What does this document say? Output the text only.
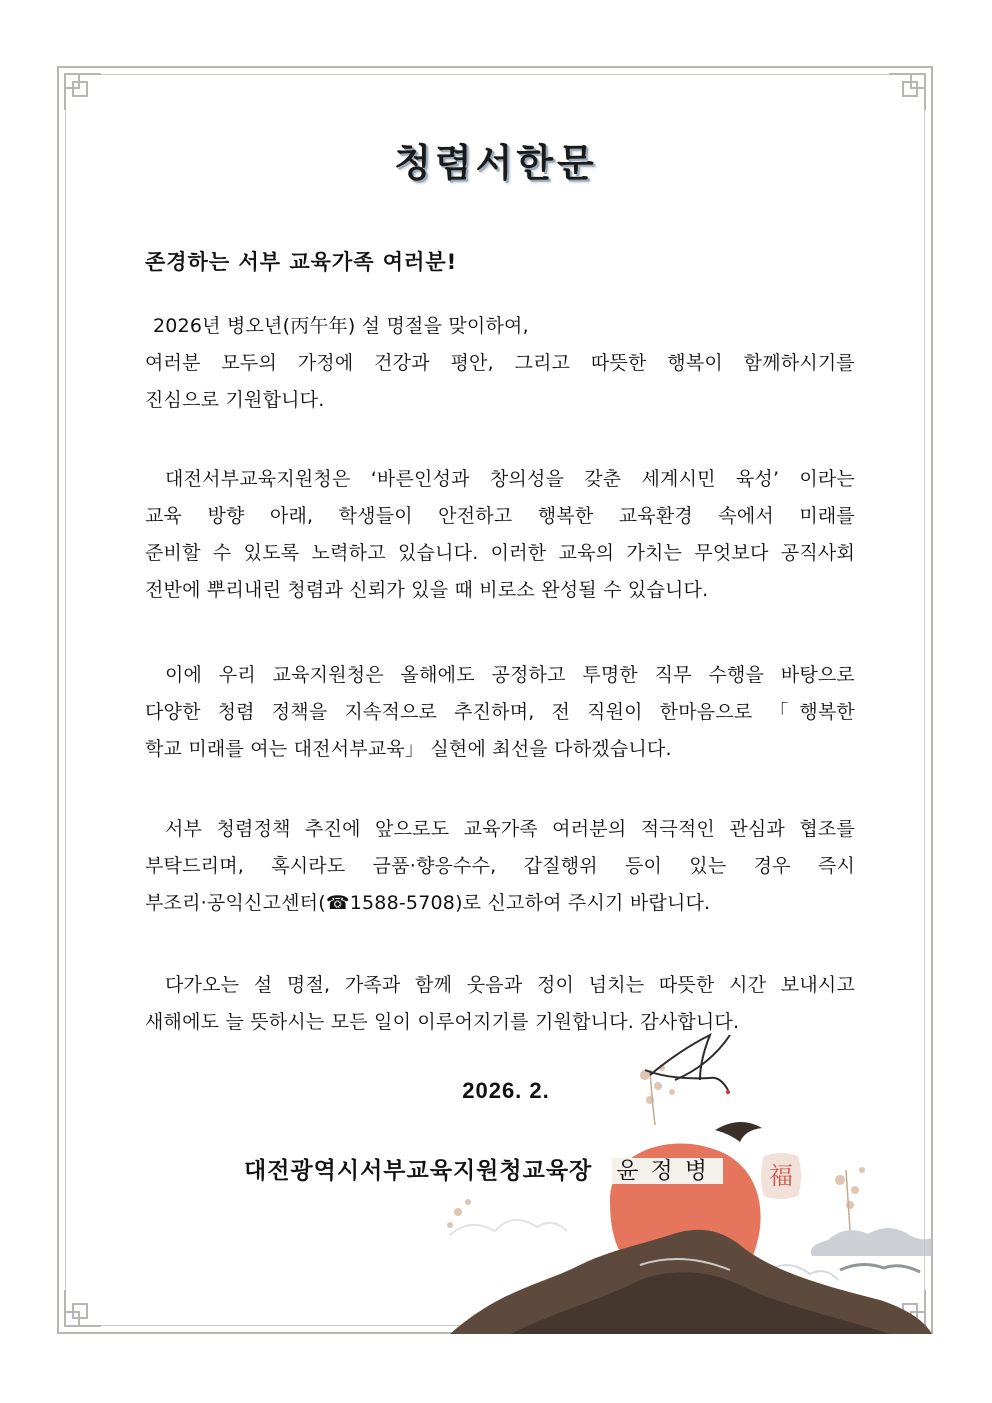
청렴서한문
존경하는 서부 교육가족 여러분!
2026년 병오년(丙午年) 설 명절을 맞이하여,
여러분 모두의 가정에 건강과 평안, 그리고 따뜻한 행복이 함께하시기를
진심으로 기원합니다.
대전서부교육지원청은 ‘바른인성과 창의성을 갖춘 세계시민 육성’ 이라는
교육 방향 아래, 학생들이 안전하고 행복한 교육환경 속에서 미래를
준비할 수 있도록 노력하고 있습니다. 이러한 교육의 가치는 무엇보다 공직사회
전반에 뿌리내린 청렴과 신뢰가 있을 때 비로소 완성될 수 있습니다.
이에 우리 교육지원청은 올해에도 공정하고 투명한 직무 수행을 바탕으로
다양한 청렴 정책을 지속적으로 추진하며, 전 직원이 한마음으로 「행복한
학교 미래를 여는 대전서부교육」 실현에 최선을 다하겠습니다.
서부 청렴정책 추진에 앞으로도 교육가족 여러분의 적극적인 관심과 협조를
부탁드리며, 혹시라도 금품·향응수수, 갑질행위 등이 있는 경우 즉시
부조리·공익신고센터(☎1588-5708)로 신고하여 주시기 바랍니다.
다가오는 설 명절, 가족과 함께 웃음과 정이 넘치는 따뜻한 시간 보내시고
새해에도 늘 뜻하시는 모든 일이 이루어지기를 기원합니다. 감사합니다.
2026. 2.
대전광역시서부교육지원청교육장 윤정병 福
